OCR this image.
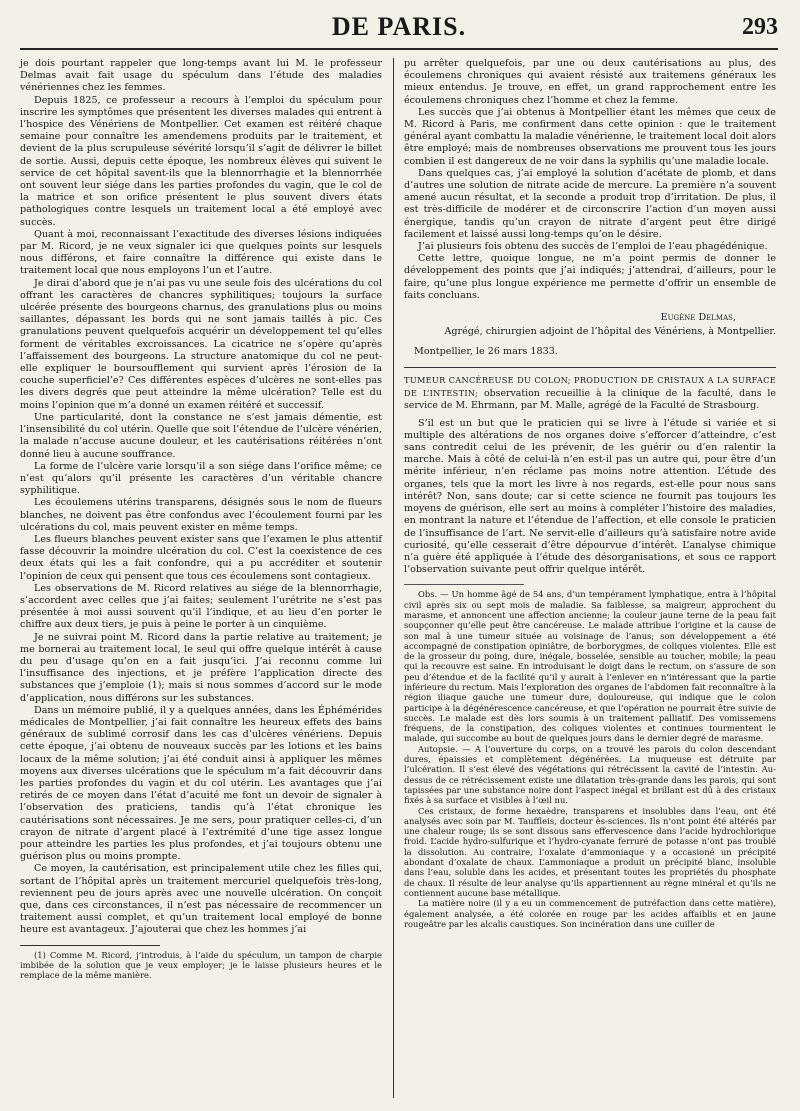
DE PARIS.	293

je dois pourtant rappeler que long-temps avant lui M. le professeur Delmas avait fait usage du spéculum dans l’étude des maladies vénériennes chez les femmes.

Depuis 1825, ce professeur a recours à l’emploi du spéculum pour inscrire les symptômes que présentent les diverses malades qui entrent à l’hospice des Vénériens de Montpellier. Cet examen est réitéré chaque semaine pour connaître les amendemens produits par le traitement, et devient de la plus scrupuleuse sévérité lorsqu’il s’agit de délivrer le billet de sortie. Aussi, depuis cette époque, les nombreux élèves qui suivent le service de cet hôpital savent-ils que la blennorrhagie et la blennorrhée ont souvent leur siége dans les parties profondes du vagin, que le col de la matrice et son orifice présentent le plus souvent divers états pathologiques contre lesquels un traitement local a été employé avec succès.

Quant à moi, reconnaissant l’exactitude des diverses lésions indiquées par M. Ricord, je ne veux signaler ici que quelques points sur lesquels nous différons, et faire connaître la différence qui existe dans le traitement local que nous employons l’un et l’autre.

Je dirai d’abord que je n’ai pas vu une seule fois des ulcérations du col offrant les caractères de chancres syphilitiques; toujours la surface ulcérée présente des bourgeons charnus, des granulations plus ou moins saillantes, dépassant les bords qui ne sont jamais taillés à pic. Ces granulations peuvent quelquefois acquérir un développement tel qu’elles forment de véritables excroissances. La cicatrice ne s’opère qu’après l’affaissement des bourgeons. La structure anatomique du col ne peut-elle expliquer le boursoufflement qui survient après l’érosion de la couche superficiel’e? Ces différentes espèces d’ulcères ne sont-elles pas les divers degrés que peut atteindre la même ulcération? Telle est du moins l’opinion que m’a donné un examen réitéré et successif.

Une particularité, dont la constance ne s’est jamais démentie, est l’insensibilité du col utérin. Quelle que soit l’étendue de l’ulcère vénérien, la malade n’accuse aucune douleur, et les cautérisations réitérées n’ont donné lieu à aucune souffrance.

La forme de l’ulcère varie lorsqu’il a son siége dans l’orifice même; ce n’est qu’alors qu’il présente les caractères d’un véritable chancre syphilitique.

Les écoulemens utérins transparens, désignés sous le nom de flueurs blanches, ne doivent pas être confondus avec l’écoulement fourni par les ulcérations du col, mais peuvent exister en même temps.

Les flueurs blanches peuvent exister sans que l’examen le plus attentif fasse découvrir la moindre ulcération du col. C’est la coexistence de ces deux états qui les a fait confondre, qui a pu accréditer et soutenir l’opinion de ceux qui pensent que tous ces écoulemens sont contagieux.

Les observations de M. Ricord relatives au siége de la blennorrhagie, s’accordent avec celles que j’ai faites; seulement l’urétrite ne s’est pas présentée à moi aussi souvent qu’il l’indique, et au lieu d’en porter le chiffre aux deux tiers, je puis à peine le porter à un cinquième.

Je ne suivrai point M. Ricord dans la partie relative au traitement; je me bornerai au traitement local, le seul qui offre quelque intérêt à cause du peu d’usage qu’on en a fait jusqu’ici. J’ai reconnu comme lui l’insuffisance des injections, et je préfère l’application directe des substances que j’emploie (1); mais si nous sommes d’accord sur le mode d’application, nous différons sur les substances.

Dans un mémoire publié, il y a quelques années, dans les Éphémérides médicales de Montpellier, j’ai fait connaître les heureux effets des bains généraux de sublimé corrosif dans les cas d’ulcères vénériens. Depuis cette époque, j’ai obtenu de nouveaux succès par les lotions et les bains locaux de la même solution; j’ai été conduit ainsi à appliquer les mêmes moyens aux diverses ulcérations que le spéculum m’a fait découvrir dans les parties profondes du vagin et du col utérin. Les avantages que j’ai retirés de ce moyen dans l’état d’acuité me font un devoir de signaler à l’observation des praticiens, tandis qu’à l’état chronique les cautérisations sont nécessaires. Je me sers, pour pratiquer celles-ci, d’un crayon de nitrate d’argent placé à l’extrémité d’une tige assez longue pour atteindre les parties les plus profondes, et j’ai toujours obtenu une guérison plus ou moins prompte.

Ce moyen, la cautérisation, est principalement utile chez les filles qui, sortant de l’hôpital après un traitement mercuriel quelquefois très-long, reviennent peu de jours après avec une nouvelle ulcération. On conçoit que, dans ces circonstances, il n’est pas nécessaire de recommencer un traitement aussi complet, et qu’un traitement local employé de bonne heure est avantageux. J’ajouterai que chez les hommes j’ai

(1) Comme M. Ricord, j’introduis, à l’aide du spéculum, un tampon de charpie imbibée de la solution que je veux employer; je le laisse plusieurs heures et le remplace de la même manière.

pu arrêter quelquefois, par une ou deux cautérisations au plus, des écoulemens chroniques qui avaient résisté aux traitemens généraux les mieux entendus. Je trouve, en effet, un grand rapprochement entre les écoulemens chroniques chez l’homme et chez la femme.

Les succès que j’ai obtenus à Montpellier étant les mêmes que ceux de M. Ricord à Paris, me confirment dans cette opinion : que le traitement général ayant combattu la maladie vénérienne, le traitement local doit alors être employé; mais de nombreuses observations me prouvent tous les jours combien il est dangereux de ne voir dans la syphilis qu’une maladie locale.

Dans quelques cas, j’ai employé la solution d’acétate de plomb, et dans d’autres une solution de nitrate acide de mercure. La première n’a souvent amené aucun résultat, et la seconde a produit trop d’irritation. De plus, il est très-difficile de modérer et de circonscrire l’action d’un moyen aussi énergique, tandis qu’un crayon de nitrate d’argent peut être dirigé facilement et laissé aussi long-temps qu’on le désire.

J’ai plusieurs fois obtenu des succès de l’emploi de l’eau phagédénique.

Cette lettre, quoique longue, ne m’a point permis de donner le développement des points que j’ai indiqués; j’attendrai, d’ailleurs, pour le faire, qu’une plus longue expérience me permette d’offrir un ensemble de faits concluans.

Eugène Delmas,
Agrégé, chirurgien adjoint de l’hôpital des Vénériens, à Montpellier.
Montpellier, le 26 mars 1833.
TUMEUR CANCÉREUSE DU COLON; PRODUCTION DE CRISTAUX A LA SURFACE DE L’INTESTIN; observation recueillie à la clinique de la faculté, dans le service de M. Ehrmann, par M. Malle, agrégé de la Faculté de Strasbourg.

S’il est un but que le praticien qui se livre à l’étude si variée et si multiple des altérations de nos organes doive s’efforcer d’atteindre, c’est sans contredit celui de les prévenir, de les guérir ou d’en ralentir la marche. Mais à côté de celui-là n’en est-il pas un autre qui, pour être d’un mérite inférieur, n’en réclame pas moins notre attention. L’étude des organes, tels que la mort les livre à nos regards, est-elle pour nous sans intérêt? Non, sans doute; car si cette science ne fournit pas toujours les moyens de guérison, elle sert au moins à compléter l’histoire des maladies, en montrant la nature et l’étendue de l’affection, et elle console le praticien de l’insuffisance de l’art. Ne servit-elle d’ailleurs qu’à satisfaire notre avide curiosité, qu’elle cesserait d’être dépourvue d’intérêt. L’analyse chimique n’a guère été appliquée à l’étude des désorganisations, et sous ce rapport l’observation suivante peut offrir quelque intérêt.

Obs. — Un homme âgé de 54 ans, d’un tempérament lymphatique, entra à l’hôpital civil après six ou sept mois de maladie. Sa faiblesse, sa maigreur, approchent du marasme, et annoncent une affection ancienne; la couleur jaune terne de la peau fait soupçonner qu’elle peut être cancéreuse. Le malade attribue l’origine et la cause de son mal à une tumeur située au voisinage de l’anus; son développement a été accompagné de constipation opiniâtre, de borborygmes, de coliques violentes. Elle est de la grosseur du poing, dure, inégale, bosselée, sensible au toucher, mobile; la peau qui la recouvre est saine. En introduisant le doigt dans le rectum, on s’assure de son peu d’étendue et de la facilité qu’il y aurait à l’enlever en n’intéressant que la partie inférieure du rectum. Mais l’exploration des organes de l’abdomen fait reconnaître à la région iliaque gauche une tumeur dure, douloureuse, qui indique que le colon participe à la dégénérescence cancéreuse, et que l’opération ne pourrait être suivie de succès. Le malade est dès lors soumis à un traitement palliatif. Des vomissemens fréquens, de la constipation, des coliques violentes et continues tourmentent le malade, qui succombe au bout de quelques jours dans le dernier degré de marasme.

Autopsie. — A l’ouverture du corps, on a trouvé les parois du colon descendant dures, épaissies et complètement dégénérées. La muqueuse est détruite par l’ulcération. Il s’est élevé des végétations qui rétrécissent la cavité de l’intestin. Au-dessus de ce rétrécissement existe une dilatation très-grande dans les parois, qui sont tapissées par une substance noire dont l’aspect inégal et brillant est dû à des cristaux fixés à sa surface et visibles à l’œil nu.

Ces cristaux, de forme hexaèdre, transparens et insolubles dans l’eau, ont été analysés avec soin par M. Tauffleis, docteur ès-sciences. Ils n’ont point été altérés par une chaleur rouge; ils se sont dissous sans effervescence dans l’acide hydrochlorique froid. L’acide hydro-sulfurique et l’hydro-cyanate ferruré de potasse n’ont pas troublé la dissolution. Au contraire, l’oxalate d’ammoniaque y a occasioné un précipité abondant d’oxalate de chaux. L’ammoniaque a produit un précipité blanc, insoluble dans l’eau, soluble dans les acides, et présentant toutes les propriétés du phosphate de chaux. Il résulte de leur analyse qu’ils appartiennent au règne minéral et qu’ils ne contiennent aucune base métallique.

La matière noire (il y a eu un commencement de putréfaction dans cette matière), également analysée, a été colorée en rouge par les acides affaiblis et en jaune rougeâtre par les alcalis caustiques. Son incinération dans une cuiller de
